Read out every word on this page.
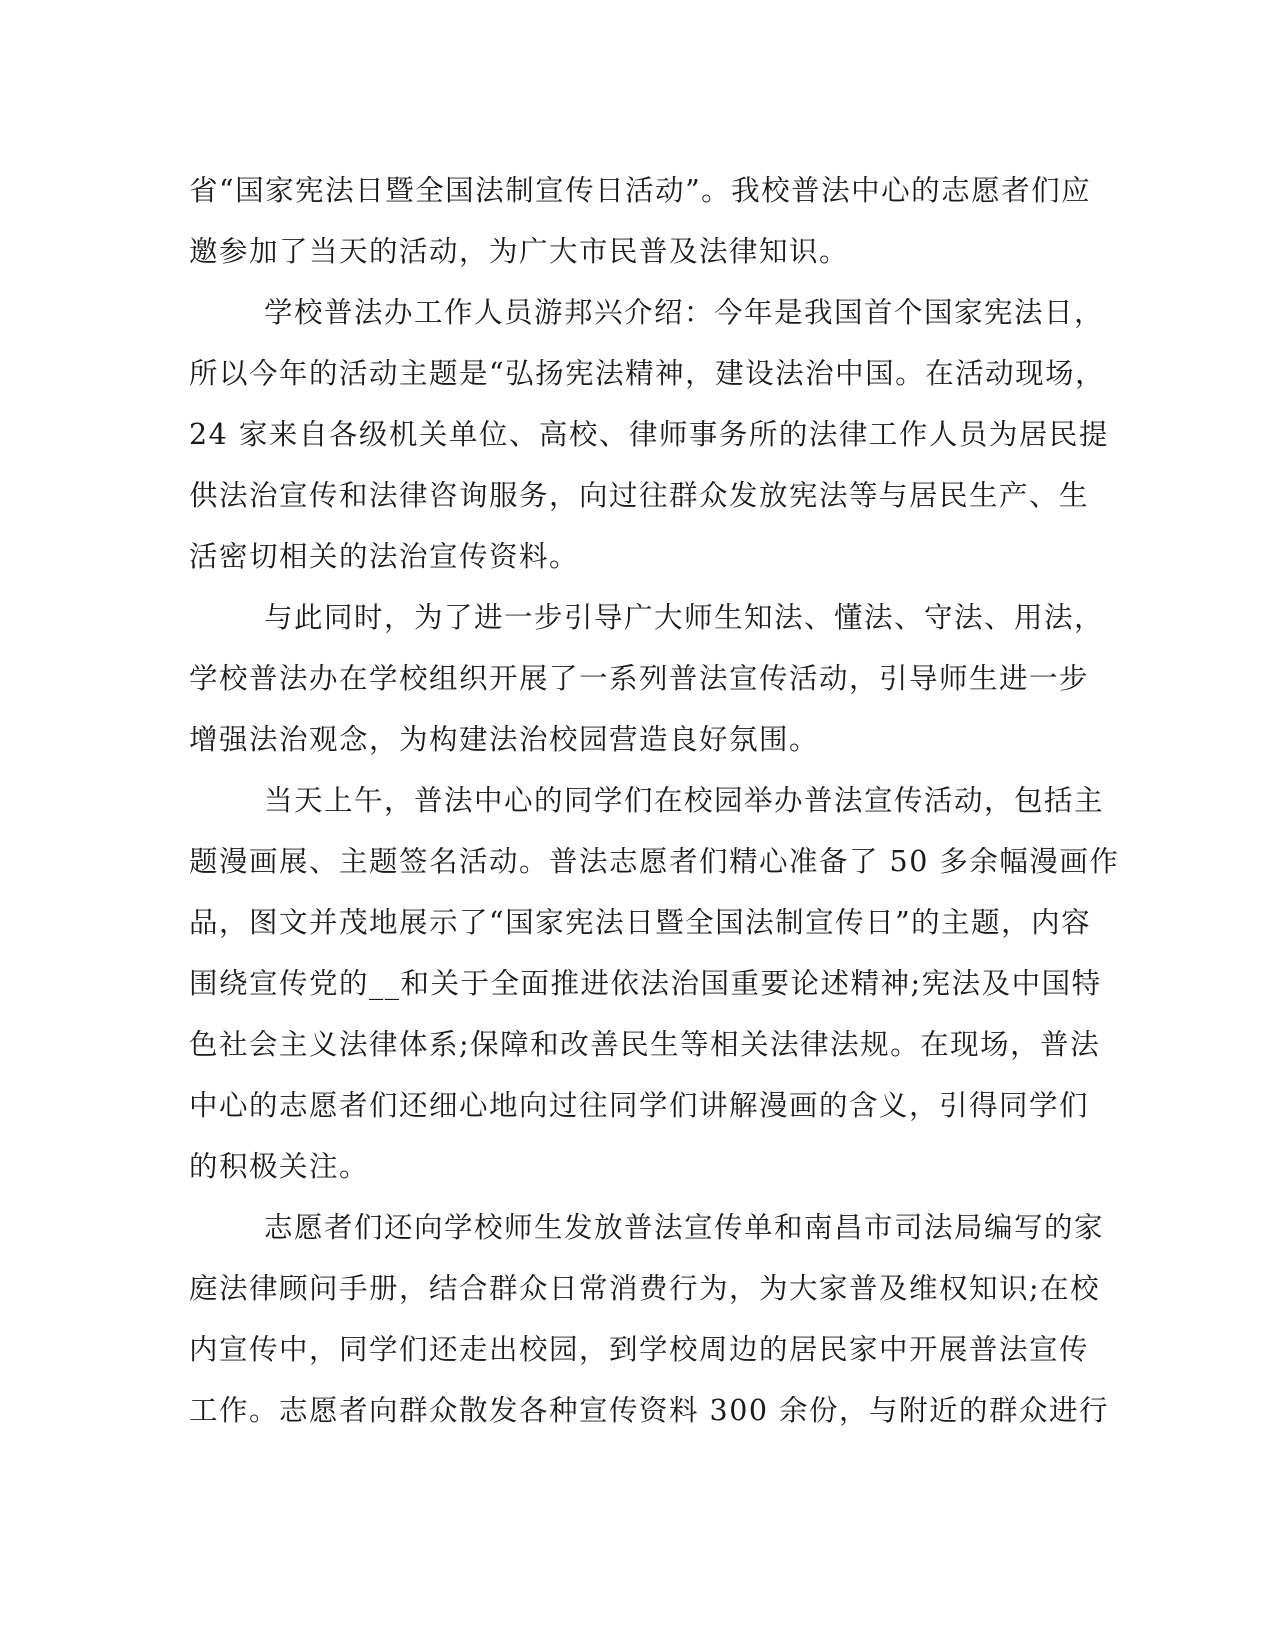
省“国家宪法日暨全国法制宣传日活动”。我校普法中心的志愿者们应
邀参加了当天的活动，为广大市民普及法律知识。
学校普法办工作人员游邦兴介绍：今年是我国首个国家宪法日，
所以今年的活动主题是“弘扬宪法精神，建设法治中国。在活动现场，
24 家来自各级机关单位、高校、律师事务所的法律工作人员为居民提
供法治宣传和法律咨询服务，向过往群众发放宪法等与居民生产、生
活密切相关的法治宣传资料。
与此同时，为了进一步引导广大师生知法、懂法、守法、用法，
学校普法办在学校组织开展了一系列普法宣传活动，引导师生进一步
增强法治观念，为构建法治校园营造良好氛围。
当天上午，普法中心的同学们在校园举办普法宣传活动，包括主
题漫画展、主题签名活动。普法志愿者们精心准备了 50 多余幅漫画作
品，图文并茂地展示了“国家宪法日暨全国法制宣传日”的主题，内容
围绕宣传党的__和关于全面推进依法治国重要论述精神;宪法及中国特
色社会主义法律体系;保障和改善民生等相关法律法规。在现场，普法
中心的志愿者们还细心地向过往同学们讲解漫画的含义，引得同学们
的积极关注。
志愿者们还向学校师生发放普法宣传单和南昌市司法局编写的家
庭法律顾问手册，结合群众日常消费行为，为大家普及维权知识;在校
内宣传中，同学们还走出校园，到学校周边的居民家中开展普法宣传
工作。志愿者向群众散发各种宣传资料 300 余份，与附近的群众进行
